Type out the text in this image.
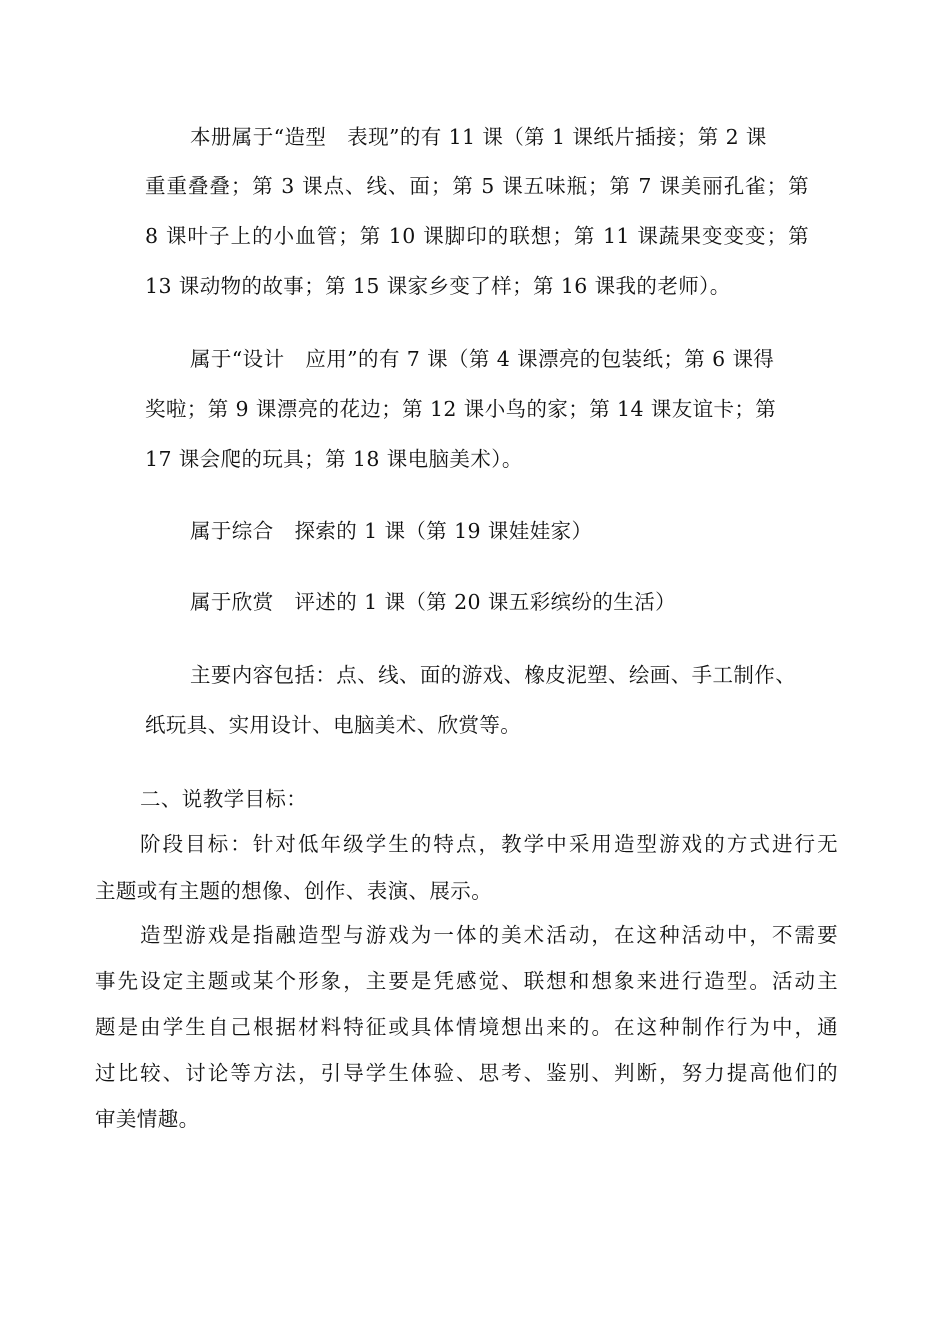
本册属于“造型　表现”的有 11 课（第 1 课纸片插接；第 2 课
重重叠叠；第 3 课点、线、面；第 5 课五味瓶；第 7 课美丽孔雀；第
8 课叶子上的小血管；第 10 课脚印的联想；第 11 课蔬果变变变；第
13 课动物的故事；第 15 课家乡变了样；第 16 课我的老师）。
属于“设计　应用”的有 7 课（第 4 课漂亮的包装纸；第 6 课得
奖啦；第 9 课漂亮的花边；第 12 课小鸟的家；第 14 课友谊卡；第
17 课会爬的玩具；第 18 课电脑美术）。
属于综合　探索的 1 课（第 19 课娃娃家）
属于欣赏　评述的 1 课（第 20 课五彩缤纷的生活）
主要内容包括：点、线、面的游戏、橡皮泥塑、绘画、手工制作、
纸玩具、实用设计、电脑美术、欣赏等。
二、说教学目标：
阶段目标：针对低年级学生的特点，教学中采用造型游戏的方式进行无
主题或有主题的想像、创作、表演、展示。
造型游戏是指融造型与游戏为一体的美术活动，在这种活动中，不需要
事先设定主题或某个形象，主要是凭感觉、联想和想象来进行造型。活动主
题是由学生自己根据材料特征或具体情境想出来的。在这种制作行为中，通
过比较、讨论等方法，引导学生体验、思考、鉴别、判断，努力提高他们的
审美情趣。
